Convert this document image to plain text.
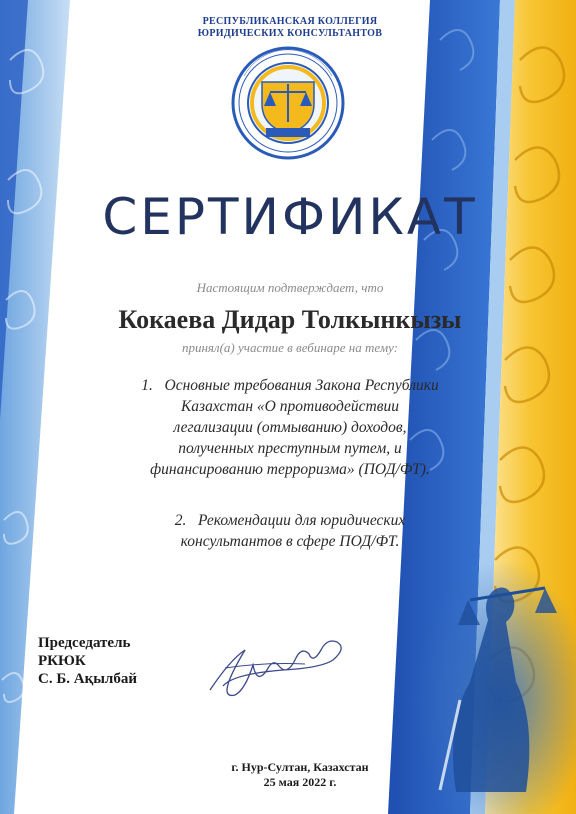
РЕСПУБЛИКАНСКАЯ КОЛЛЕГИЯ
ЮРИДИЧЕСКИХ КОНСУЛЬТАНТОВ
СЕРТИФИКАТ
Настоящим подтверждает, что
Кокаева Дидар Толкынкызы
принял(а) участие в вебинаре на тему:
1. Основные требования Закона Республики
Казахстан «О противодействии
легализации (отмыванию) доходов,
полученных преступным путем, и
финансированию терроризма» (ПОД/ФТ).
2. Рекомендации для юридических
консультантов в сфере ПОД/ФТ.
Председатель
РКЮК
С. Б. Ақылбай
г. Нур-Султан, Казахстан
25 мая 2022 г.
